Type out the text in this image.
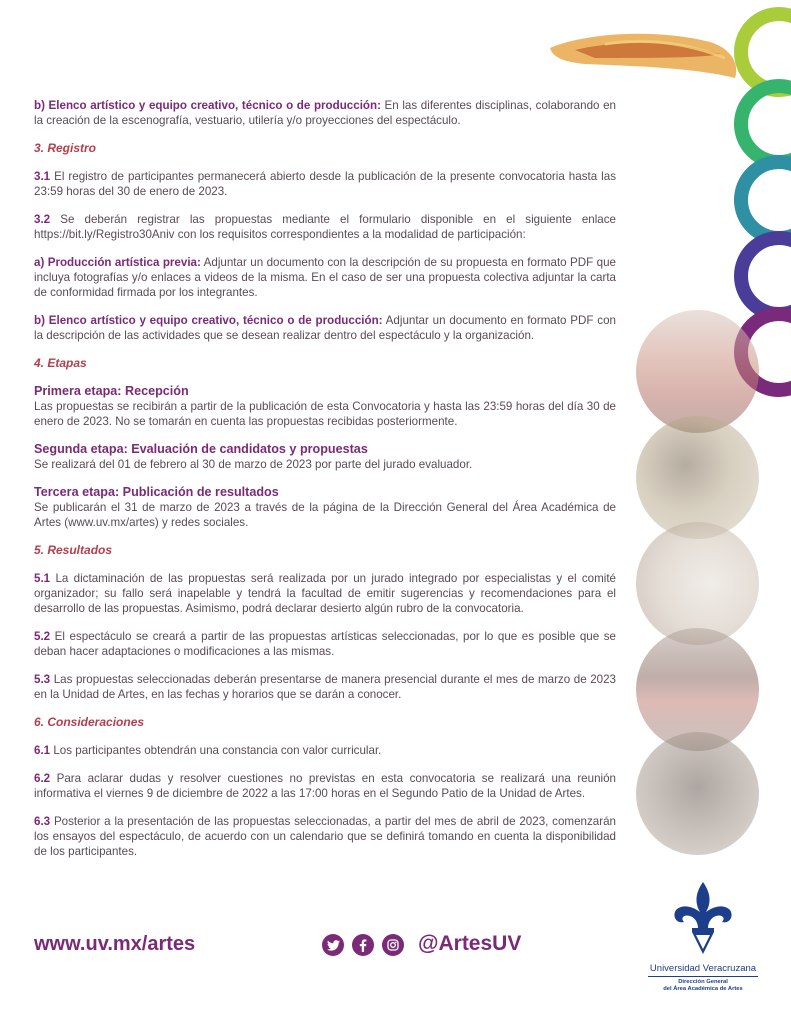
b) Elenco artístico y equipo creativo, técnico o de producción: En las diferentes disciplinas, colaborando en la creación de la escenografía, vestuario, utilería y/o proyecciones del espectáculo.

3. Registro

3.1 El registro de participantes permanecerá abierto desde la publicación de la presente convocatoria hasta las 23:59 horas del 30 de enero de 2023.

3.2 Se deberán registrar las propuestas mediante el formulario disponible en el siguiente enlace https://bit.ly/Registro30Aniv con los requisitos correspondientes a la modalidad de participación:

a) Producción artística previa: Adjuntar un documento con la descripción de su propuesta en formato PDF que incluya fotografías y/o enlaces a videos de la misma. En el caso de ser una propuesta colectiva adjuntar la carta de conformidad firmada por los integrantes.

b) Elenco artístico y equipo creativo, técnico o de producción: Adjuntar un documento en formato PDF con la descripción de las actividades que se desean realizar dentro del espectáculo y la organización.

4. Etapas

Primera etapa: Recepción
Las propuestas se recibirán a partir de la publicación de esta Convocatoria y hasta las 23:59 horas del día 30 de enero de 2023. No se tomarán en cuenta las propuestas recibidas posteriormente.

Segunda etapa: Evaluación de candidatos y propuestas
Se realizará del 01 de febrero al 30 de marzo de 2023 por parte del jurado evaluador.

Tercera etapa: Publicación de resultados
Se publicarán el 31 de marzo de 2023 a través de la página de la Dirección General del Área Académica de Artes (www.uv.mx/artes) y redes sociales.

5. Resultados

5.1 La dictaminación de las propuestas será realizada por un jurado integrado por especialistas y el comité organizador; su fallo será inapelable y tendrá la facultad de emitir sugerencias y recomendaciones para el desarrollo de las propuestas. Asimismo, podrá declarar desierto algún rubro de la convocatoria.

5.2 El espectáculo se creará a partir de las propuestas artísticas seleccionadas, por lo que es posible que se deban hacer adaptaciones o modificaciones a las mismas.

5.3 Las propuestas seleccionadas deberán presentarse de manera presencial durante el mes de marzo de 2023 en la Unidad de Artes, en las fechas y horarios que se darán a conocer.

6. Consideraciones

6.1 Los participantes obtendrán una constancia con valor curricular.

6.2 Para aclarar dudas y resolver cuestiones no previstas en esta convocatoria se realizará una reunión informativa el viernes 9 de diciembre de 2022 a las 17:00 horas en el Segundo Patio de la Unidad de Artes.

6.3 Posterior a la presentación de las propuestas seleccionadas, a partir del mes de abril de 2023, comenzarán los ensayos del espectáculo, de acuerdo con un calendario que se definirá tomando en cuenta la disponibilidad de los participantes.

www.uv.mx/artes	@ArtesUV
Universidad Veracruzana
Dirección General
del Área Académica de Artes
